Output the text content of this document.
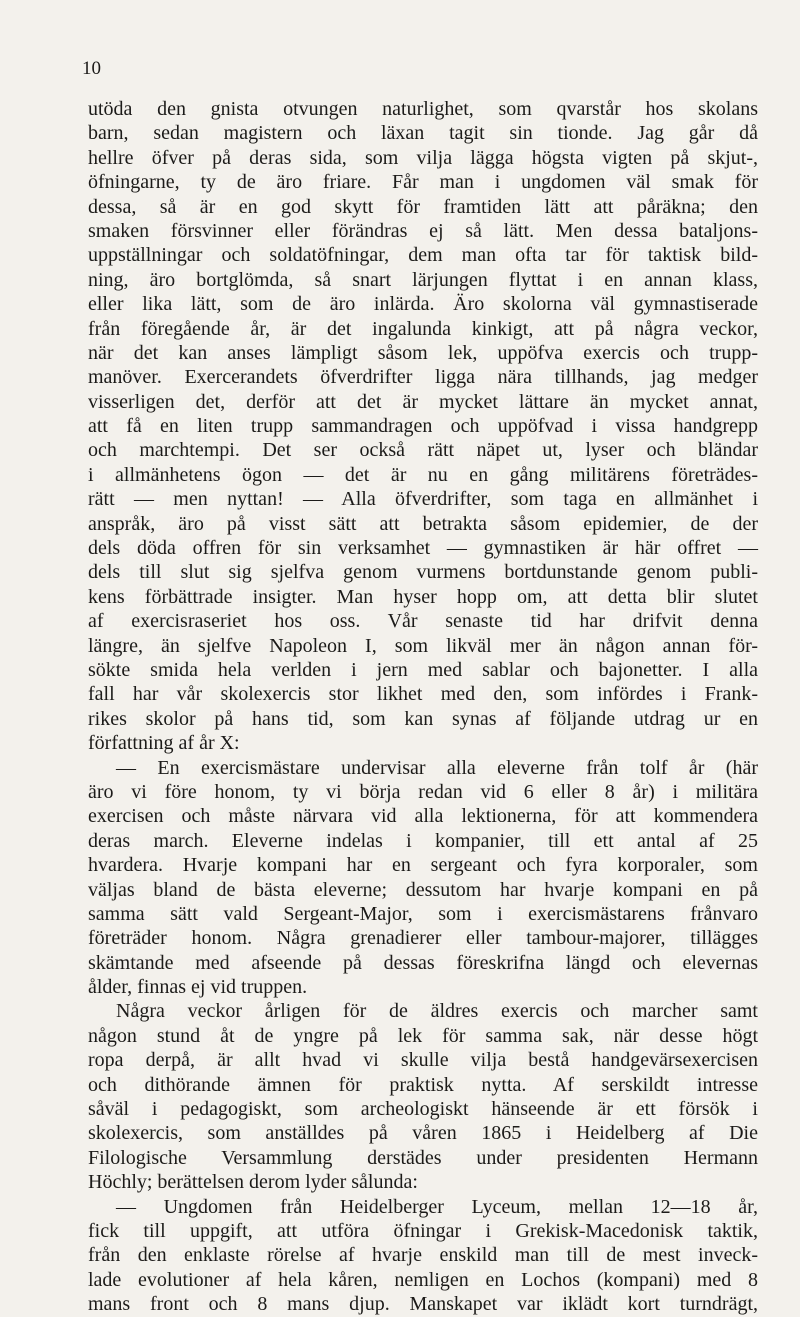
10
utöda den gnista otvungen naturlighet, som qvarstår hos skolans
barn, sedan magistern och läxan tagit sin tionde. Jag går då
hellre öfver på deras sida, som vilja lägga högsta vigten på skjut-,
öfningarne, ty de äro friare. Får man i ungdomen väl smak för
dessa, så är en god skytt för framtiden lätt att påräkna; den
smaken försvinner eller förändras ej så lätt. Men dessa bataljons-
uppställningar och soldatöfningar, dem man ofta tar för taktisk bild-
ning, äro bortglömda, så snart lärjungen flyttat i en annan klass,
eller lika lätt, som de äro inlärda. Äro skolorna väl gymnastiserade
från föregående år, är det ingalunda kinkigt, att på några veckor,
när det kan anses lämpligt såsom lek, uppöfva exercis och trupp-
manöver. Exercerandets öfverdrifter ligga nära tillhands, jag medger
visserligen det, derför att det är mycket lättare än mycket annat,
att få en liten trupp sammandragen och uppöfvad i vissa handgrepp
och marchtempi. Det ser också rätt näpet ut, lyser och bländar
i allmänhetens ögon — det är nu en gång militärens företrädes-
rätt — men nyttan! — Alla öfverdrifter, som taga en allmänhet i
anspråk, äro på visst sätt att betrakta såsom epidemier, de der
dels döda offren för sin verksamhet — gymnastiken är här offret —
dels till slut sig sjelfva genom vurmens bortdunstande genom publi-
kens förbättrade insigter. Man hyser hopp om, att detta blir slutet
af exercisraseriet hos oss. Vår senaste tid har drifvit denna
längre, än sjelfve Napoleon I, som likväl mer än någon annan för-
sökte smida hela verlden i jern med sablar och bajonetter. I alla
fall har vår skolexercis stor likhet med den, som infördes i Frank-
rikes skolor på hans tid, som kan synas af följande utdrag ur en
författning af år X:
— En exercismästare undervisar alla eleverne från tolf år (här
äro vi före honom, ty vi börja redan vid 6 eller 8 år) i militära
exercisen och måste närvara vid alla lektionerna, för att kommendera
deras march. Eleverne indelas i kompanier, till ett antal af 25
hvardera. Hvarje kompani har en sergeant och fyra korporaler, som
väljas bland de bästa eleverne; dessutom har hvarje kompani en på
samma sätt vald Sergeant-Major, som i exercismästarens frånvaro
företräder honom. Några grenadierer eller tambour-majorer, tillägges
skämtande med afseende på dessas föreskrifna längd och elevernas
ålder, finnas ej vid truppen.
Några veckor årligen för de äldres exercis och marcher samt
någon stund åt de yngre på lek för samma sak, när desse högt
ropa derpå, är allt hvad vi skulle vilja bestå handgevärsexercisen
och dithörande ämnen för praktisk nytta. Af serskildt intresse
såväl i pedagogiskt, som archeologiskt hänseende är ett försök i
skolexercis, som anställdes på våren 1865 i Heidelberg af Die
Filologische Versammlung derstädes under presidenten Hermann
Höchly; berättelsen derom lyder sålunda:
— Ungdomen från Heidelberger Lyceum, mellan 12—18 år,
fick till uppgift, att utföra öfningar i Grekisk-Macedonisk taktik,
från den enklaste rörelse af hvarje enskild man till de mest inveck-
lade evolutioner af hela kåren, nemligen en Lochos (kompani) med 8
mans front och 8 mans djup. Manskapet var iklädt kort turndrägt,
